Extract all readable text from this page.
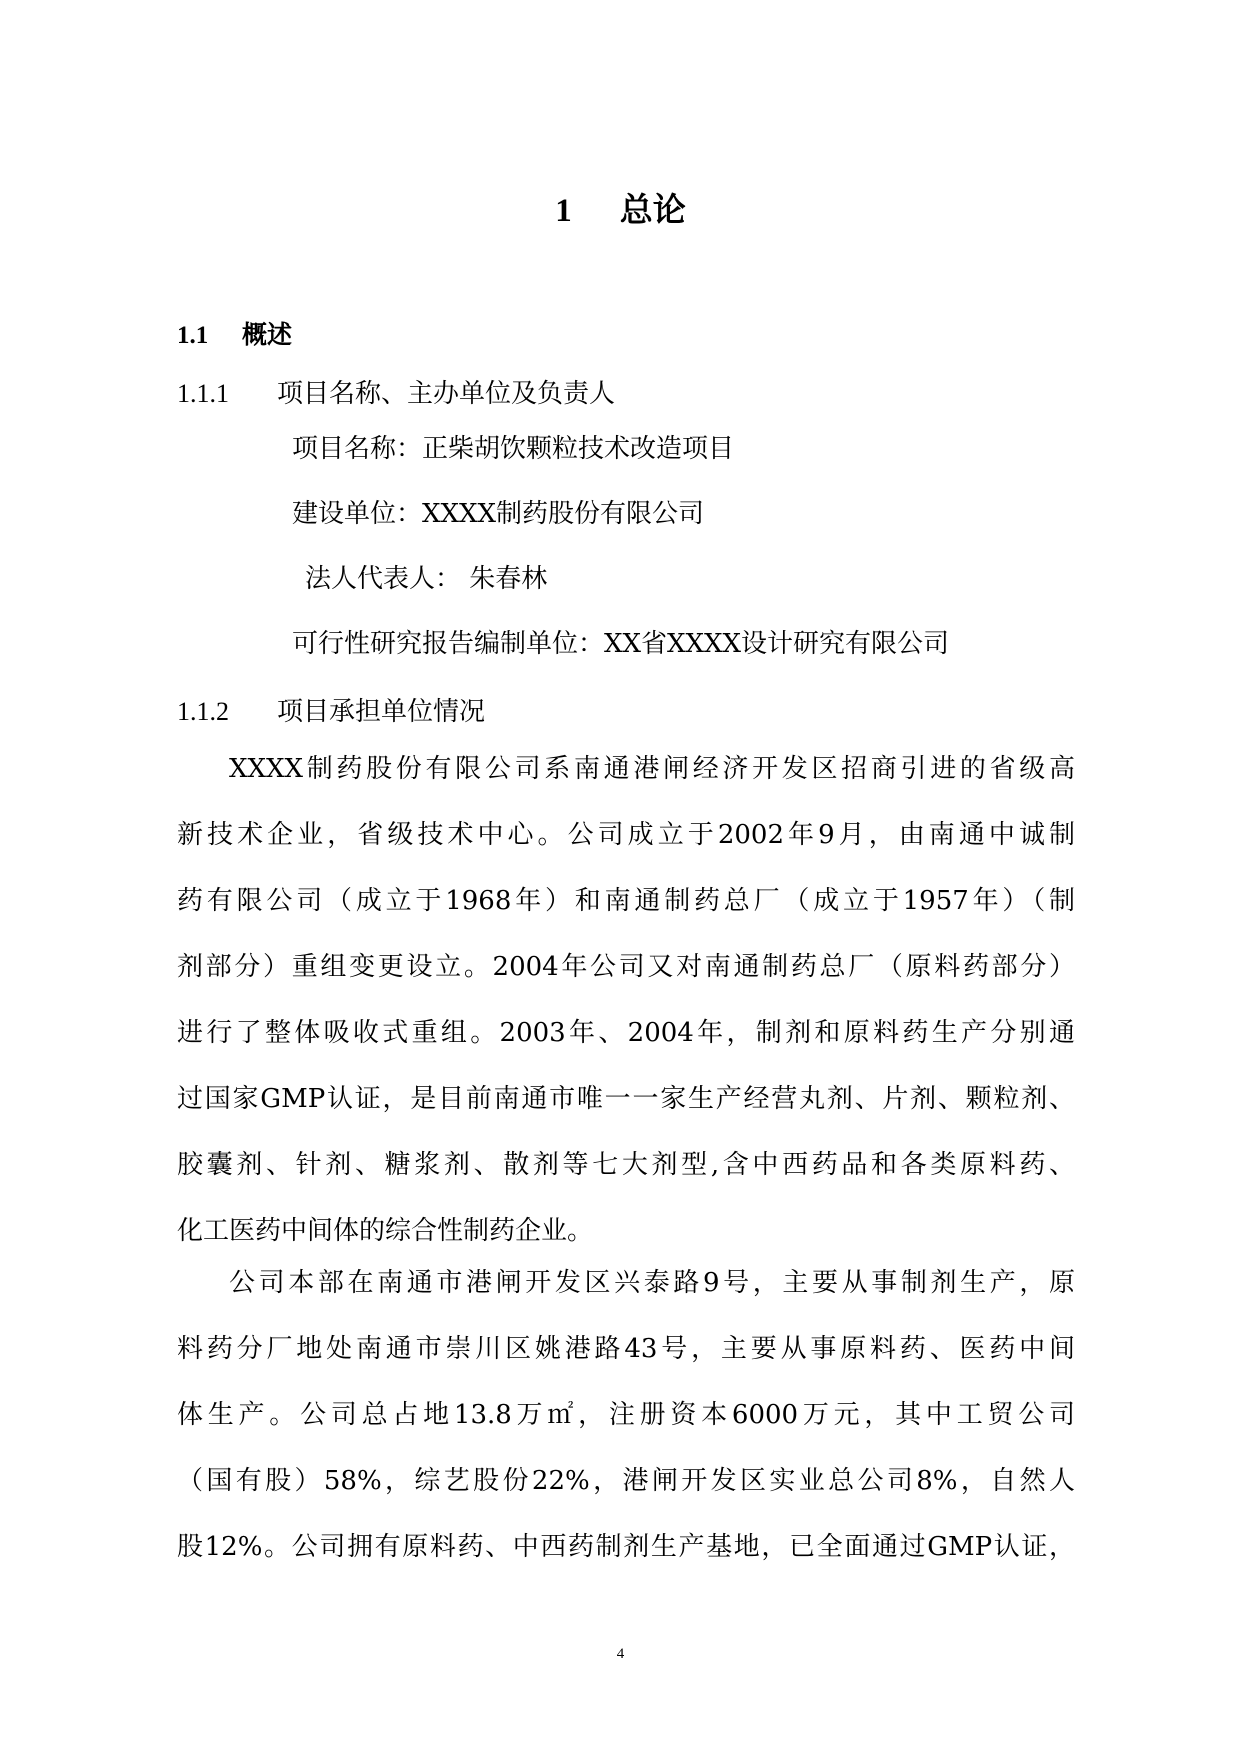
1 总论
1.1 概述
1.1.1 项目名称、主办单位及负责人
项目名称：正柴胡饮颗粒技术改造项目
建设单位：XXXX制药股份有限公司
法人代表人： 朱春林
可行性研究报告编制单位：XX省XXXX设计研究有限公司
1.1.2 项目承担单位情况
XXXX制药股份有限公司系南通港闸经济开发区招商引进的省级高
新技术企业，省级技术中心。公司成立于2002年9月，由南通中诚制
药有限公司（成立于1968年）和南通制药总厂（成立于1957年）（制
剂部分）重组变更设立。2004年公司又对南通制药总厂（原料药部分）
进行了整体吸收式重组。2003年、2004年，制剂和原料药生产分别通
过国家GMP认证，是目前南通市唯一一家生产经营丸剂、片剂、颗粒剂、
胶囊剂、针剂、糖浆剂、散剂等七大剂型,含中西药品和各类原料药、
化工医药中间体的综合性制药企业。
公司本部在南通市港闸开发区兴泰路9号，主要从事制剂生产，原
料药分厂地处南通市崇川区姚港路43号，主要从事原料药、医药中间
体生产。公司总占地13.8万㎡，注册资本6000万元，其中工贸公司
（国有股）58%，综艺股份22%，港闸开发区实业总公司8%，自然人
股12%。公司拥有原料药、中西药制剂生产基地，已全面通过GMP认证，
4
